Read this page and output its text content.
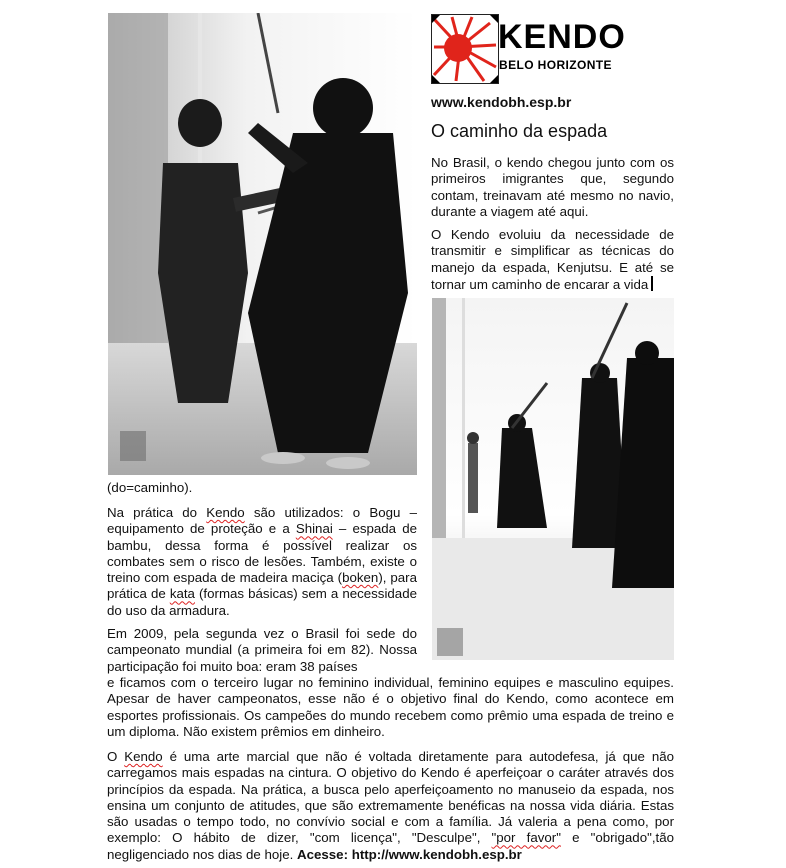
KENDO
BELO HORIZONTE
www.kendobh.esp.br
O caminho da espada

No Brasil, o kendo chegou junto com os primeiros imigrantes que, segundo contam, treinavam até mesmo no navio, durante a viagem até aqui.

O Kendo evoluiu da necessidade de transmitir e simplificar as técnicas do manejo da espada, Kenjutsu. E até se tornar um caminho de encarar a vida

(do=caminho).

Na prática do Kendo são utilizados: o Bogu – equipamento de proteção e a Shinai – espada de bambu, dessa forma é possível realizar os combates sem o risco de lesões. Também, existe o treino com espada de madeira maciça (boken), para prática de kata (formas básicas) sem a necessidade do uso da armadura.

Em 2009, pela segunda vez o Brasil foi sede do campeonato mundial (a primeira foi em 82). Nossa participação foi muito boa: eram 38 países

e ficamos com o terceiro lugar no feminino individual, feminino equipes e masculino equipes. Apesar de haver campeonatos, esse não é o objetivo final do Kendo, como acontece em esportes profissionais. Os campeões do mundo recebem como prêmio uma espada de treino e um diploma. Não existem prêmios em dinheiro.

O Kendo é uma arte marcial que não é voltada diretamente para autodefesa, já que não carregamos mais espadas na cintura. O objetivo do Kendo é aperfeiçoar o caráter através dos princípios da espada. Na prática, a busca pelo aperfeiçoamento no manuseio da espada, nos ensina um conjunto de atitudes, que são extremamente benéficas na nossa vida diária. Estas são usadas o tempo todo, no convívio social e com a família. Já valeria a pena como, por exemplo: O hábito de dizer, "com licença", "Desculpe", "por favor" e "obrigado",tão negligenciado nos dias de hoje. Acesse: http://www.kendobh.esp.br
